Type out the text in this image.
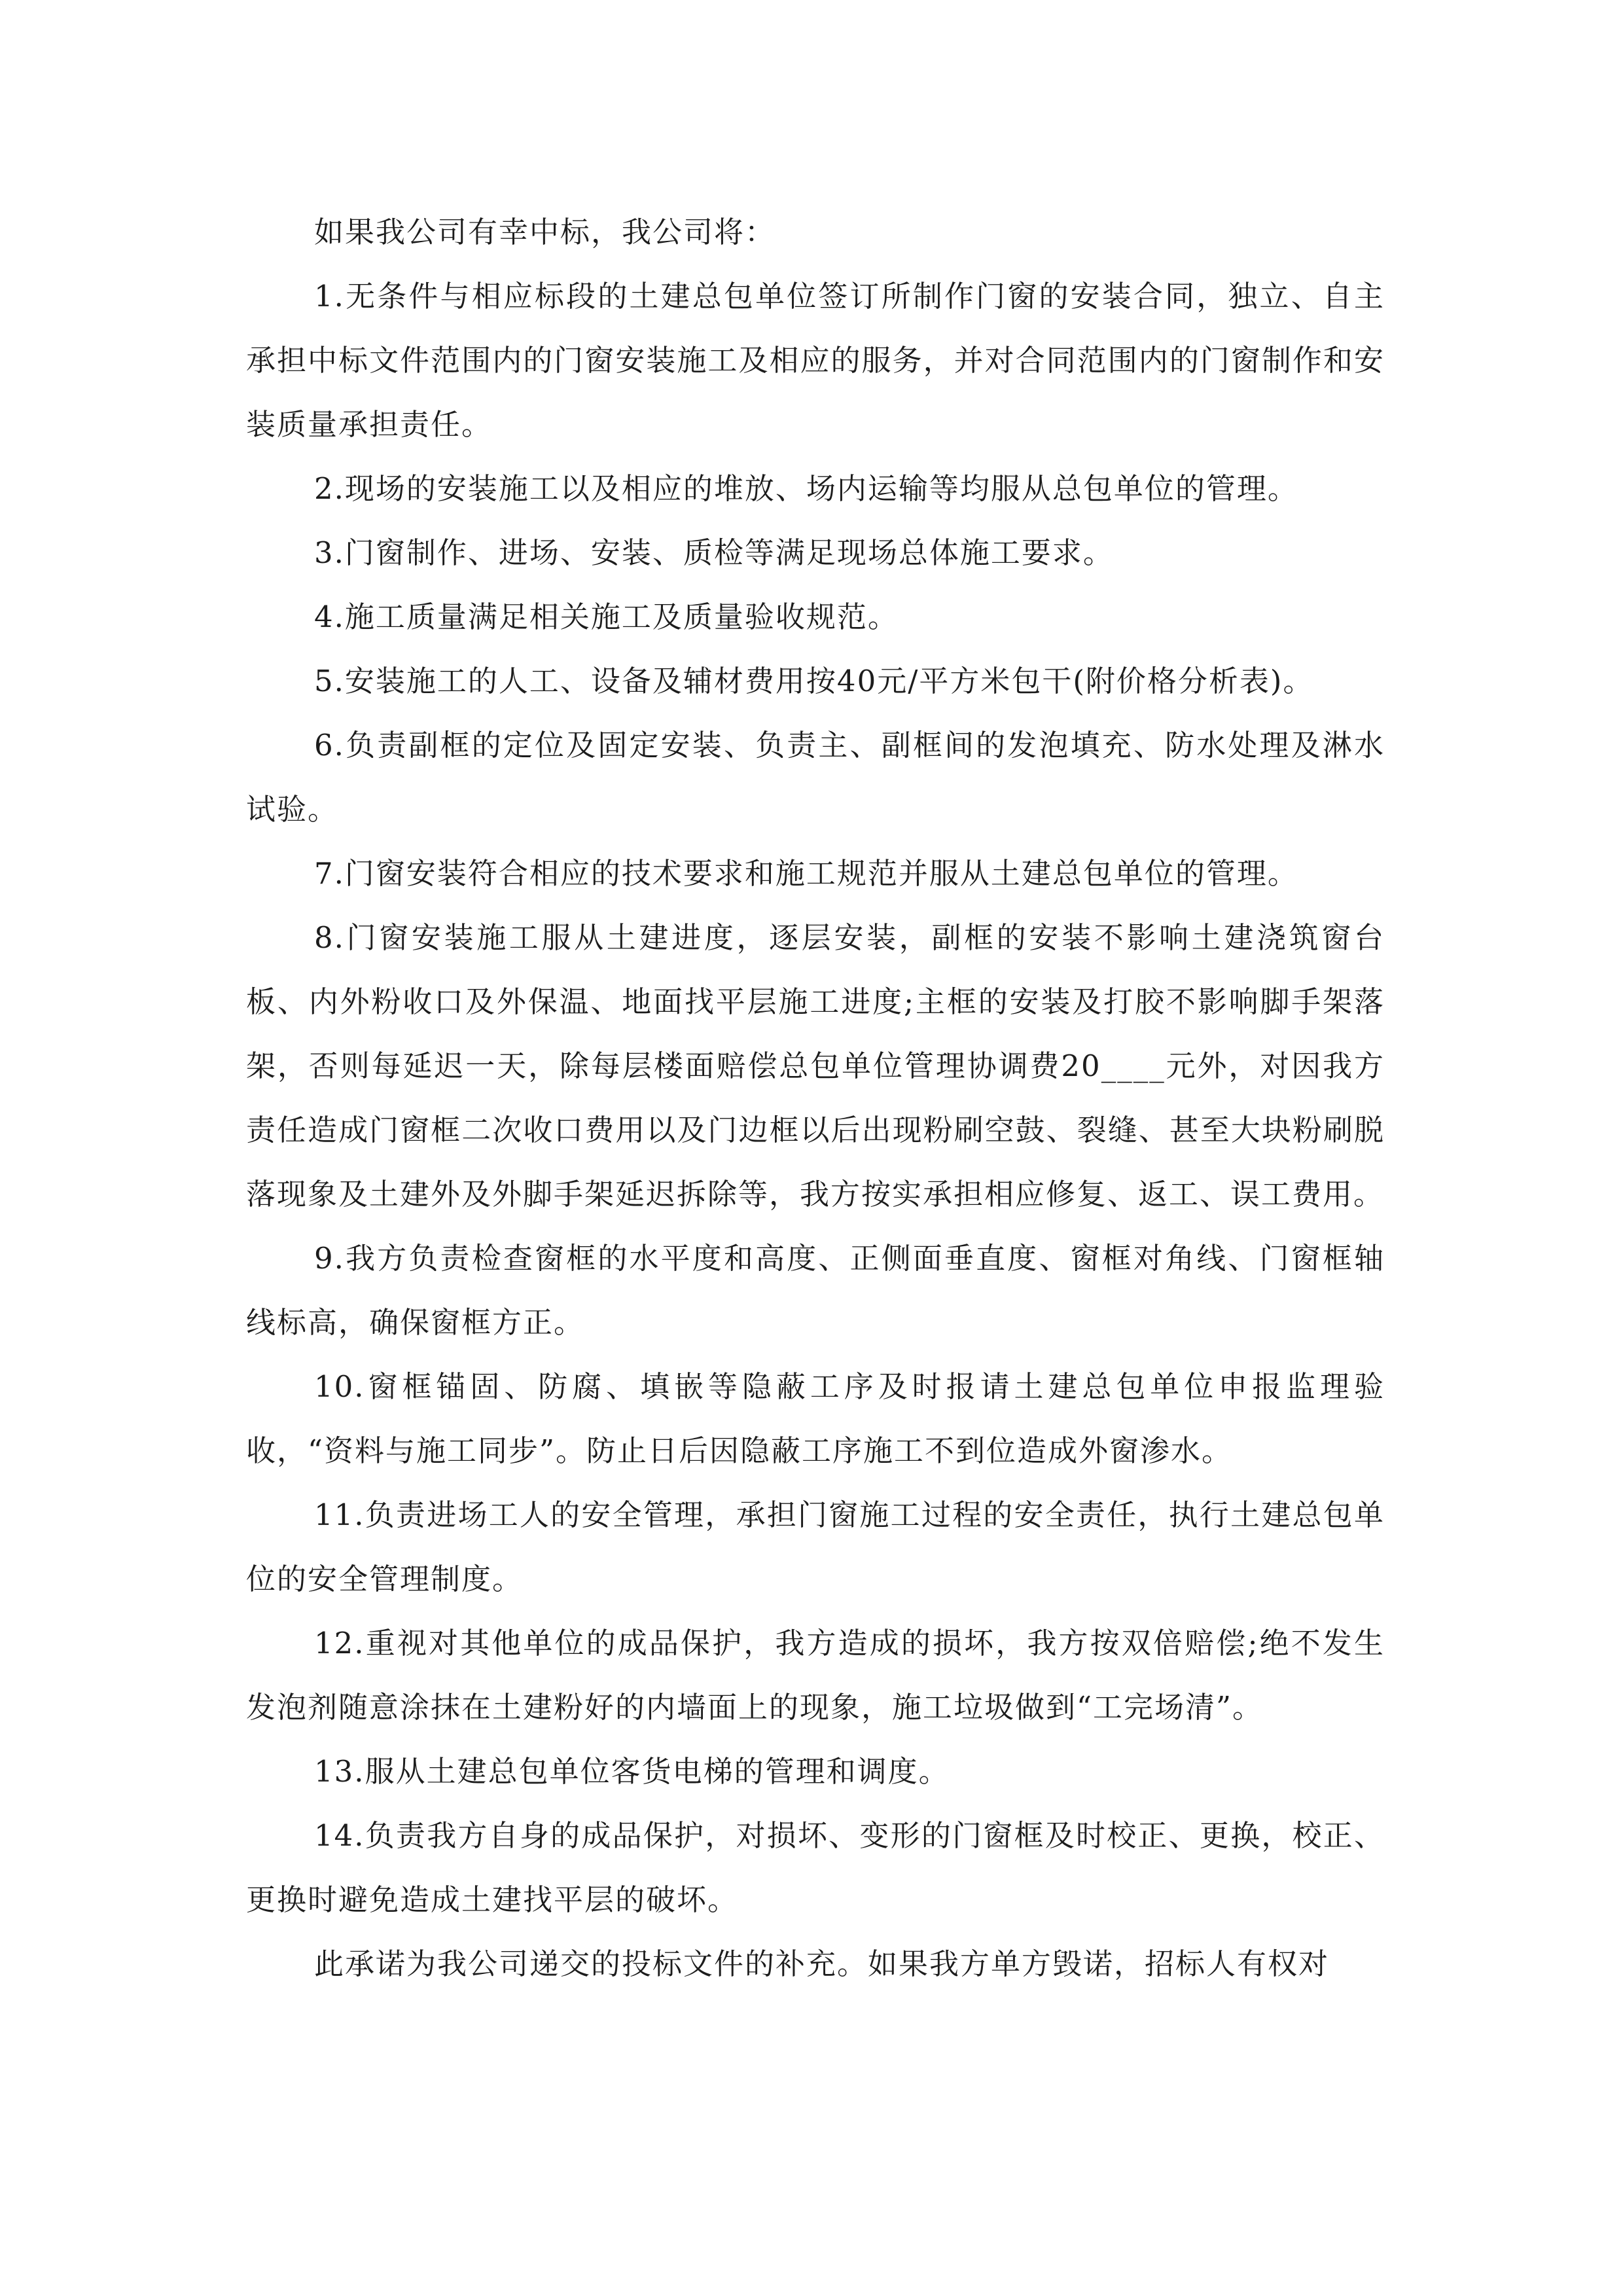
如果我公司有幸中标，我公司将：

1.无条件与相应标段的土建总包单位签订所制作门窗的安装合同，独立、自主承担中标文件范围内的门窗安装施工及相应的服务，并对合同范围内的门窗制作和安装质量承担责任。

2.现场的安装施工以及相应的堆放、场内运输等均服从总包单位的管理。

3.门窗制作、进场、安装、质检等满足现场总体施工要求。

4.施工质量满足相关施工及质量验收规范。

5.安装施工的人工、设备及辅材费用按40元/平方米包干(附价格分析表)。

6.负责副框的定位及固定安装、负责主、副框间的发泡填充、防水处理及淋水试验。

7.门窗安装符合相应的技术要求和施工规范并服从土建总包单位的管理。

8.门窗安装施工服从土建进度，逐层安装，副框的安装不影响土建浇筑窗台板、内外粉收口及外保温、地面找平层施工进度;主框的安装及打胶不影响脚手架落架，否则每延迟一天，除每层楼面赔偿总包单位管理协调费20____元外，对因我方责任造成门窗框二次收口费用以及门边框以后出现粉刷空鼓、裂缝、甚至大块粉刷脱落现象及土建外及外脚手架延迟拆除等，我方按实承担相应修复、返工、误工费用。

9.我方负责检查窗框的水平度和高度、正侧面垂直度、窗框对角线、门窗框轴线标高，确保窗框方正。

10.窗框锚固、防腐、填嵌等隐蔽工序及时报请土建总包单位申报监理验收，“资料与施工同步”。防止日后因隐蔽工序施工不到位造成外窗渗水。

11.负责进场工人的安全管理，承担门窗施工过程的安全责任，执行土建总包单位的安全管理制度。

12.重视对其他单位的成品保护，我方造成的损坏，我方按双倍赔偿;绝不发生发泡剂随意涂抹在土建粉好的内墙面上的现象，施工垃圾做到“工完场清”。

13.服从土建总包单位客货电梯的管理和调度。

14.负责我方自身的成品保护，对损坏、变形的门窗框及时校正、更换，校正、更换时避免造成土建找平层的破坏。

此承诺为我公司递交的投标文件的补充。如果我方单方毁诺，招标人有权对
